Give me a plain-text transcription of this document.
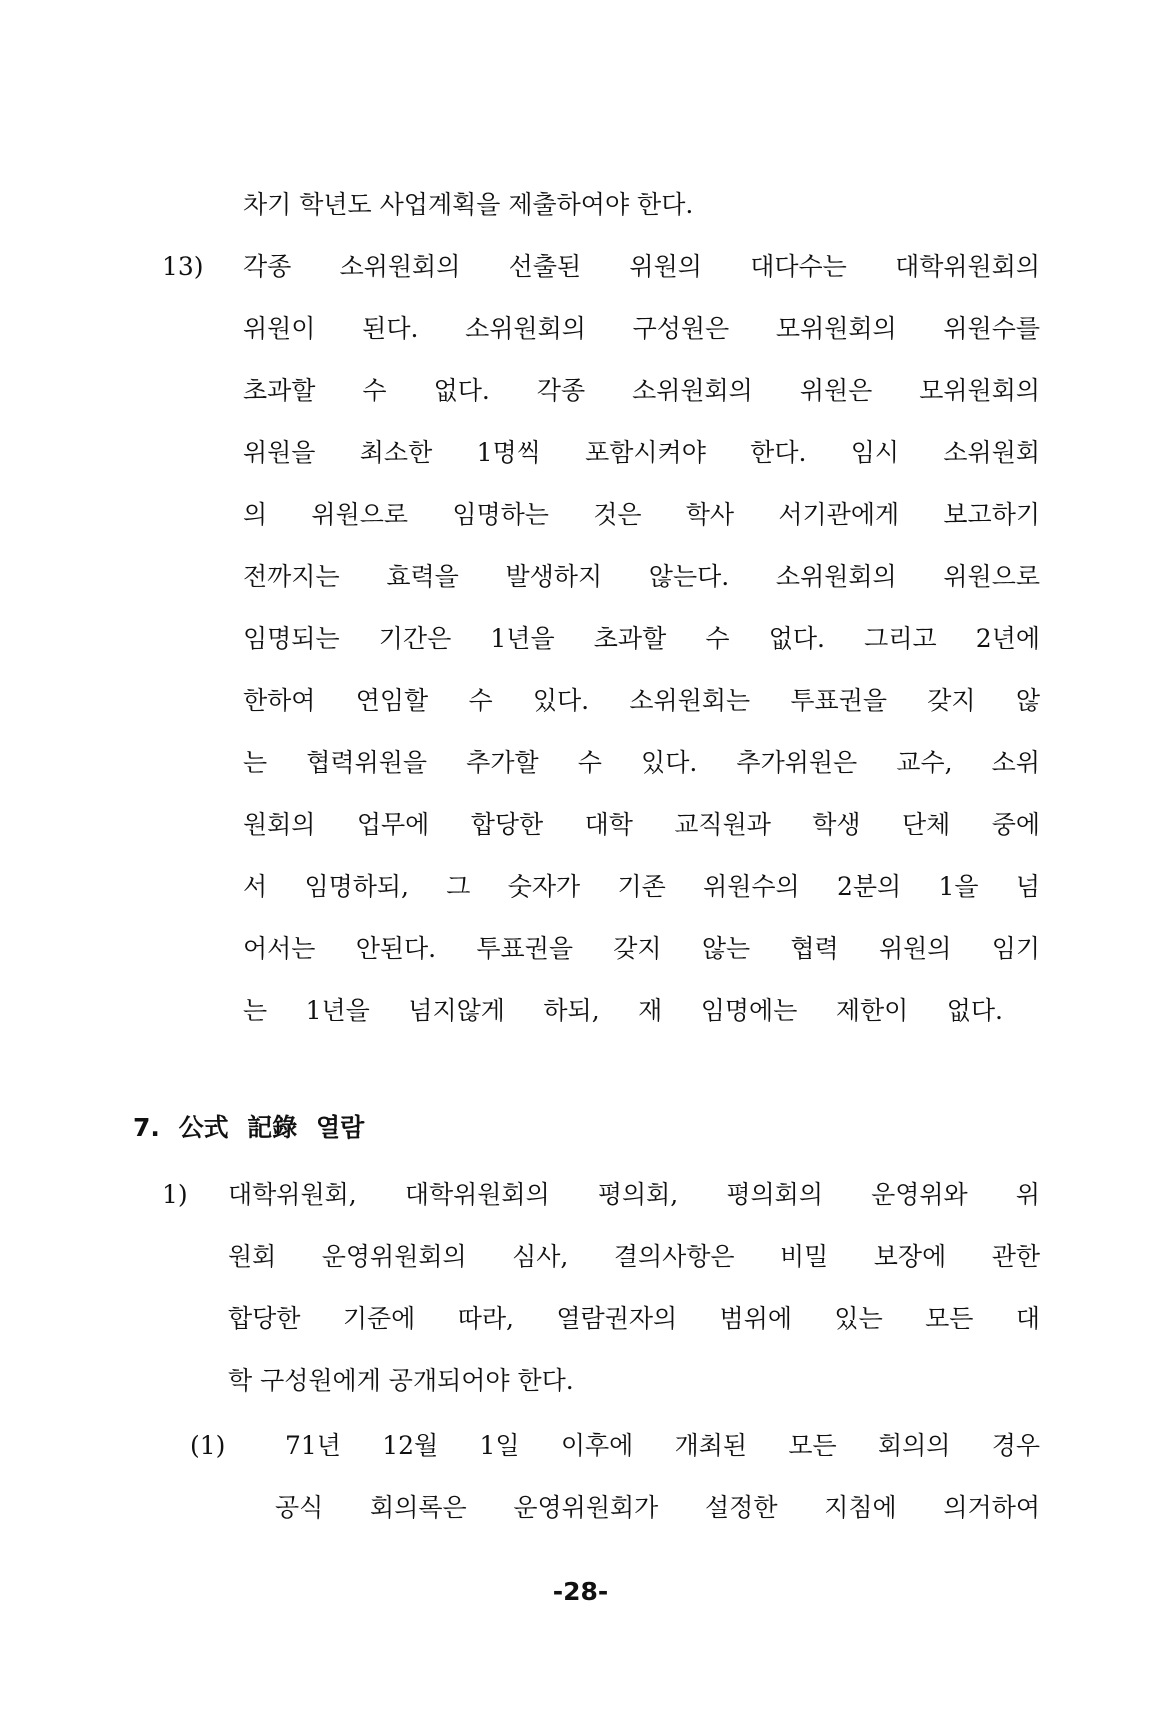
차기 학년도 사업계획을 제출하여야 한다.
13) 각종 소위원회의 선출된 위원의 대다수는 대학위원회의
위원이 된다. 소위원회의 구성원은 모위원회의 위원수를
초과할 수 없다. 각종 소위원회의 위원은 모위원회의
위원을 최소한 1명씩 포함시켜야 한다. 임시 소위원회
의 위원으로 임명하는 것은 학사 서기관에게 보고하기
전까지는 효력을 발생하지 않는다. 소위원회의 위원으로
임명되는 기간은 1년을 초과할 수 없다. 그리고 2년에
한하여 연임할 수 있다. 소위원회는 투표권을 갖지 않
는 협력위원을 추가할 수 있다. 추가위원은 교수, 소위
원회의 업무에 합당한 대학 교직원과 학생 단체 중에
서 임명하되, 그 숫자가 기존 위원수의 2분의 1을 넘
어서는 안된다. 투표권을 갖지 않는 협력 위원의 임기
는 1년을 넘지않게 하되, 재 임명에는 제한이 없다.
7. 公式 記錄 열람
1) 대학위원회, 대학위원회의 평의회, 평의회의 운영위와 위
원회 운영위원회의 심사, 결의사항은 비밀 보장에 관한
합당한 기준에 따라, 열람권자의 범위에 있는 모든 대
학 구성원에게 공개되어야 한다.
(1) 71년 12월 1일 이후에 개최된 모든 회의의 경우
공식 회의록은 운영위원회가 설정한 지침에 의거하여
-28-
